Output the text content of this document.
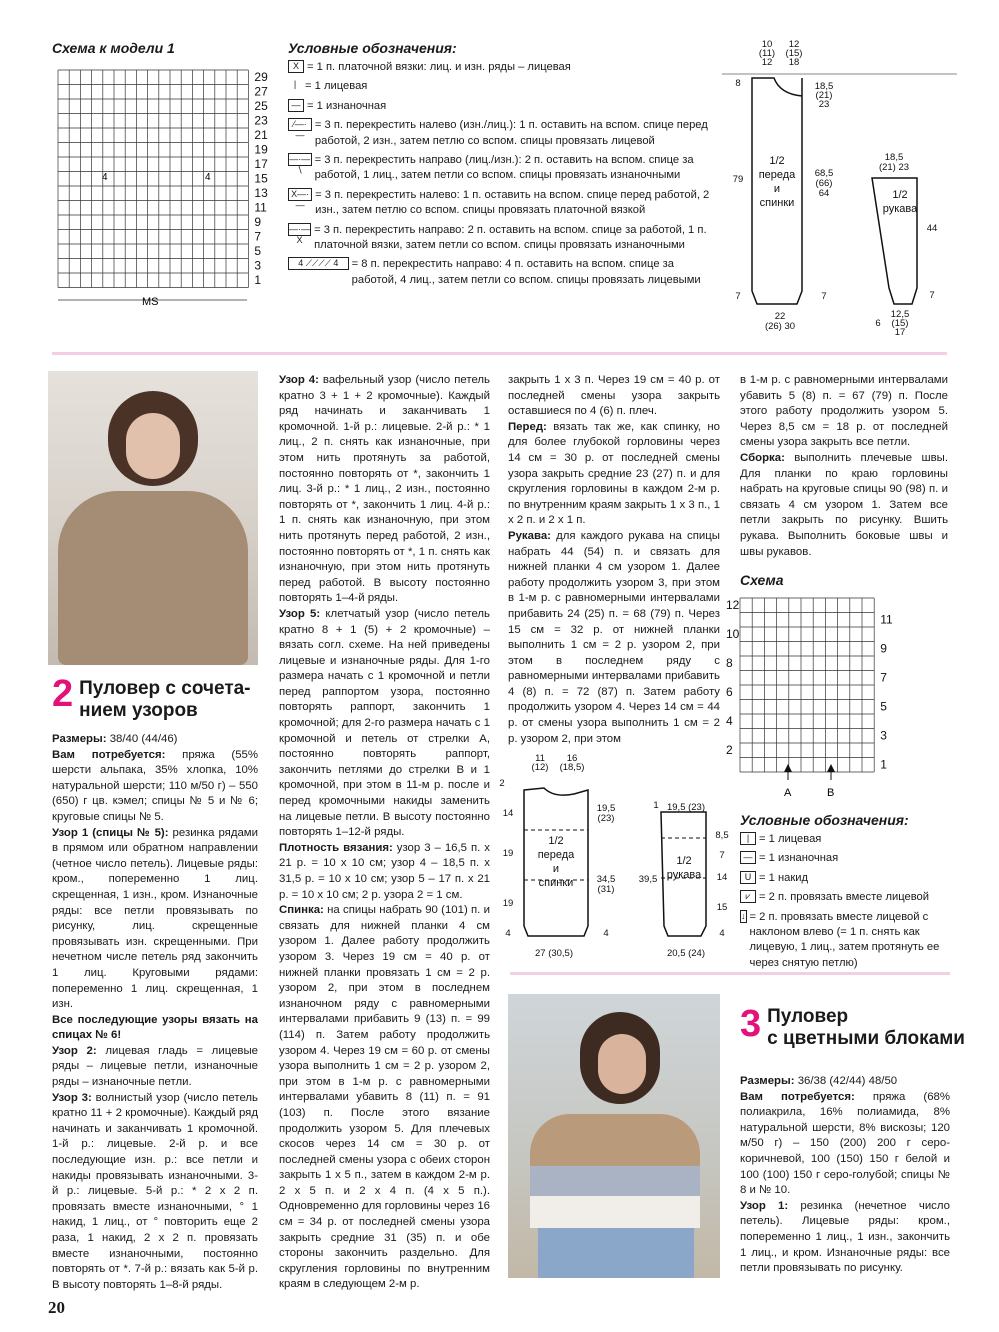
Схема к модели 1
29
27
25
23
21
19
17
15
13
11
9
7
5
3
1
MS
4	4
Условные обозначения:
X = 1 п. платочной вязки: лиц. и изн. ряды – лицевая
| = 1 лицевая
— = 1 изнаночная
⁄—·—
= 3 п. перекрестить налево (изн./лиц.): 1 п. оставить на вспом. спице перед работой, 2 изн., затем петлю со вспом. спицы провязать лицевой
—·—∖
= 3 п. перекрестить направо (лиц./изн.): 2 п. оставить на вспом. спице за работой, 1 лиц., затем петли со вспом. спицы провязать изнаночными
X—·—
= 3 п. перекрестить налево: 1 п. оставить на вспом. спице перед работой, 2 изн., затем петлю со вспом. спицы провязать платочной вязкой
—·—X
= 3 п. перекрестить направо: 2 п. оставить на вспом. спице за работой, 1 п. платочной вязки, затем петли со вспом. спицы провязать изнаночными
4 ⟋⟋⟋⟋ 4	= 8 п. перекрестить направо: 4 п. оставить на вспом. спице за работой, 4 лиц., затем петли со вспом. спицы провязать лицевыми
10
(11)
12
12
(15)
18
8
79
7
18,5
(21)
23
68,5
(66)
64
7
22
(26) 30
1/2
переда
и
спинки
18,5
(21) 23
44
7
6
12,5
(15)
17
1/2
рукава
2 Пуловер с сочета-
нием узоров

Размеры: 38/40 (44/46)

Вам потребуется: пряжа (55% шерсти альпака, 35% хлопка, 10% натуральной шерсти; 110 м/50 г) – 550 (650) г цв. кэмел; спицы № 5 и № 6; круговые спицы № 5.

Узор 1 (спицы № 5): резинка рядами в прямом или обратном направлении (четное число петель). Лицевые ряды: кром., попеременно 1 лиц. скрещенная, 1 изн., кром. Изнаночные ряды: все петли провязывать по рисунку, лиц. скрещенные провязывать изн. скрещенными. При нечетном числе петель ряд закончить 1 лиц. Круговыми рядами: попеременно 1 лиц. скрещенная, 1 изн.

Все последующие узоры вязать на спицах № 6!

Узор 2: лицевая гладь = лицевые ряды – лицевые петли, изнаночные ряды – изнаночные петли.

Узор 3: волнистый узор (число петель кратно 11 + 2 кромочные). Каждый ряд начинать и заканчивать 1 кромочной. 1-й р.: лицевые. 2-й р. и все последующие изн. р.: все петли и накиды провязывать изнаночными. 3-й р.: лицевые. 5-й р.: * 2 х 2 п. провязать вместе изнаночными, ° 1 накид, 1 лиц., от ° повторить еще 2 раза, 1 накид, 2 х 2 п. провязать вместе изнаночными, постоянно повторять от *. 7-й р.: вязать как 5-й р. В высоту повторять 1–8-й ряды.

Узор 4: вафельный узор (число петель кратно 3 + 1 + 2 кромочные). Каждый ряд начинать и заканчивать 1 кромочной. 1-й р.: лицевые. 2-й р.: * 1 лиц., 2 п. снять как изнаночные, при этом нить протянуть за работой, постоянно повторять от *, закончить 1 лиц. 3-й р.: * 1 лиц., 2 изн., постоянно повторять от *, закончить 1 лиц. 4-й р.: 1 п. снять как изнаночную, при этом нить протянуть перед работой, 2 изн., постоянно повторять от *, 1 п. снять как изнаночную, при этом нить протянуть перед работой. В высоту постоянно повторять 1–4-й ряды.

Узор 5: клетчатый узор (число петель кратно 8 + 1 (5) + 2 кромочные) – вязать согл. схеме. На ней приведены лицевые и изнаночные ряды. Для 1-го размера начать с 1 кромочной и петли перед раппортом узора, постоянно повторять раппорт, закончить 1 кромочной; для 2-го размера начать с 1 кромочной и петель от стрелки А, постоянно повторять раппорт, закончить петлями до стрелки В и 1 кромочной, при этом в 11-м р. после и перед кромочными накиды заменить на лицевые петли. В высоту постоянно повторять 1–12-й ряды.

Плотность вязания: узор 3 – 16,5 п. х 21 р. = 10 х 10 см; узор 4 – 18,5 п. х 31,5 р. = 10 х 10 см; узор 5 – 17 п. х 21 р. = 10 х 10 см; 2 р. узора 2 = 1 см.

Спинка: на спицы набрать 90 (101) п. и связать для нижней планки 4 см узором 1. Далее работу продолжить узором 3. Через 19 см = 40 р. от нижней планки провязать 1 см = 2 р. узором 2, при этом в последнем изнаночном ряду с равномерными интервалами прибавить 9 (13) п. = 99 (114) п. Затем работу продолжить узором 4. Через 19 см = 60 р. от смены узора выполнить 1 см = 2 р. узором 2, при этом в 1-м р. с равномерными интервалами убавить 8 (11) п. = 91 (103) п. После этого вязание продолжить узором 5. Для плечевых скосов через 14 см = 30 р. от последней смены узора с обеих сторон закрыть 1 х 5 п., затем в каждом 2-м р. 2 х 5 п. и 2 х 4 п. (4 х 5 п.). Одновременно для горловины через 16 см = 34 р. от последней смены узора закрыть средние 31 (35) п. и обе стороны закончить раздельно. Для скругления горловины по внутренним краям в следующем 2-м р.

закрыть 1 х 3 п. Через 19 см = 40 р. от последней смены узора закрыть оставшиеся по 4 (6) п. плеч.

Перед: вязать так же, как спинку, но для более глубокой горловины через 14 см = 30 р. от последней смены узора закрыть средние 23 (27) п. и для скругления горловины в каждом 2-м р. по внутренним краям закрыть 1 х 3 п., 1 х 2 п. и 2 х 1 п.

Рукава: для каждого рукава на спицы набрать 44 (54) п. и связать для нижней планки 4 см узором 1. Далее работу продолжить узором 3, при этом в 1-м р. с равномерными интервалами прибавить 24 (25) п. = 68 (79) п. Через 15 см = 32 р. от нижней планки выполнить 1 см = 2 р. узором 2, при этом в последнем ряду с равномерными интервалами прибавить 4 (8) п. = 72 (87) п. Затем работу продолжить узором 4. Через 14 см = 44 р. от смены узора выполнить 1 см = 2 р. узором 2, при этом

в 1-м р. с равномерными интервалами убавить 5 (8) п. = 67 (79) п. После этого работу продолжить узором 5. Через 8,5 см = 18 р. от последней смены узора закрыть все петли.

Сборка: выполнить плечевые швы. Для планки по краю горловины набрать на круговые спицы 90 (98) п. и связать 4 см узором 1. Затем все петли закрыть по рисунку. Вшить рукава. Выполнить боковые швы и швы рукавов.

11
(12)
16
(18,5)
2
14
19
19
4
19,5
(23)
34,5
(31)
4
27 (30,5)
1/2
переда
и
спинки
19,5 (23)
1
39,5
8,5
7
14
15
4
20,5 (24)
1/2
рукава
Схема
12
10
8
6
4
2
11
9
7
5
3
1
A	B
Условные обозначения:
| = 1 лицевая
— = 1 изнаночная
U = 1 накид
⩗ = 2 п. провязать вместе лицевой
↓ = 2 п. провязать вместе лицевой с наклоном влево (= 1 п. снять как лицевую, 1 лиц., затем протянуть ее через снятую петлю)
3 Пуловер
с цветными блоками

Размеры: 36/38 (42/44) 48/50

Вам потребуется: пряжа (68% полиакрила, 16% полиамида, 8% натуральной шерсти, 8% вискозы; 120 м/50 г) – 150 (200) 200 г серо-коричневой, 100 (150) 150 г белой и 100 (100) 150 г серо-голубой; спицы № 8 и № 10.

Узор 1: резинка (нечетное число петель). Лицевые ряды: кром., попеременно 1 лиц., 1 изн., закончить 1 лиц., и кром. Изнаночные ряды: все петли провязывать по рисунку.

20
